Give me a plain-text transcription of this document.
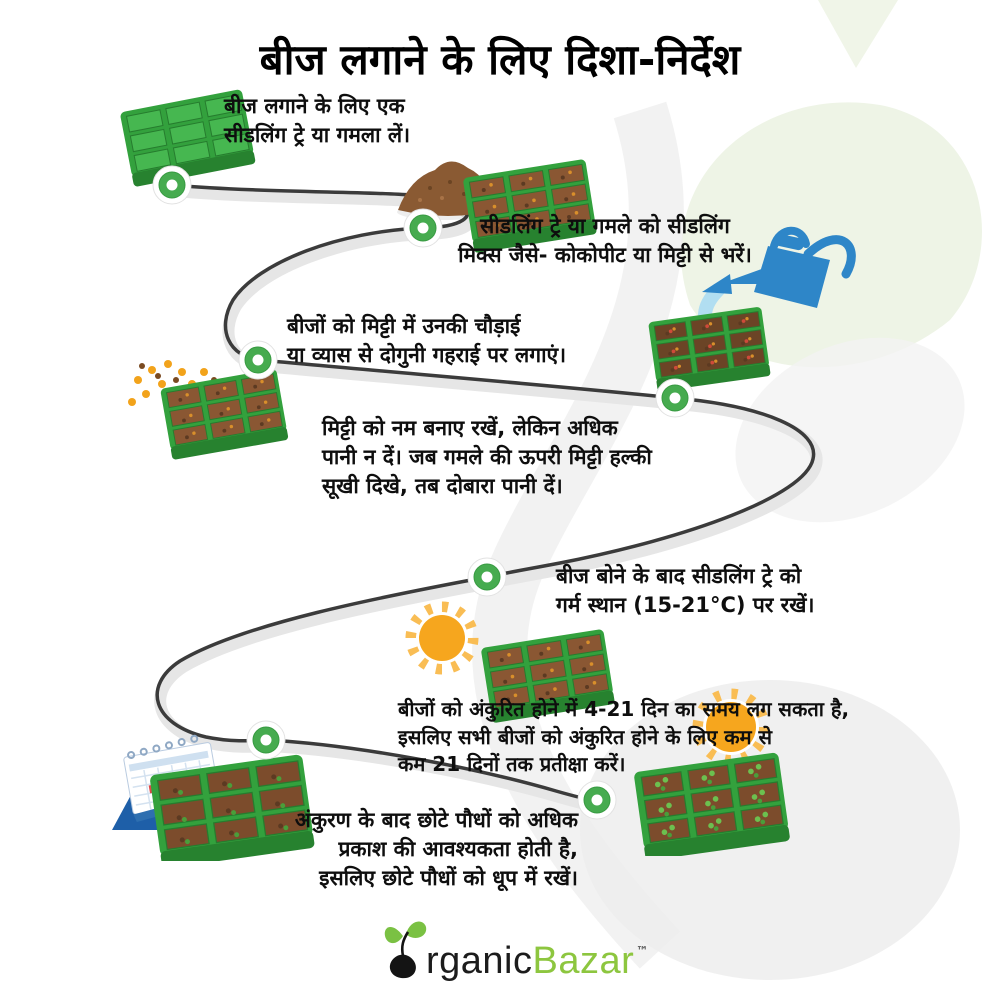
बीज लगाने के लिए दिशा-निर्देश
बीज लगाने के लिए एक
सीडलिंग ट्रे या गमला लें।
सीडलिंग ट्रे या गमले को सीडलिंग
मिक्स जैसे- कोकोपीट या मिट्टी से भरें।
बीजों को मिट्टी में उनकी चौड़ाई
या व्यास से दोगुनी गहराई पर लगाएं।
मिट्टी को नम बनाए रखें, लेकिन अधिक
पानी न दें। जब गमले की ऊपरी मिट्टी हल्की
सूखी दिखे, तब दोबारा पानी दें।
बीज बोने के बाद सीडलिंग ट्रे को
गर्म स्थान (15-21°C) पर रखें।
बीजों को अंकुरित होने में 4-21 दिन का समय लग सकता है,
इसलिए सभी बीजों को अंकुरित होने के लिए कम से
कम 21 दिनों तक प्रतीक्षा करें।
अंकुरण के बाद छोटे पौधों को अधिक
प्रकाश की आवश्यकता होती है,
इसलिए छोटे पौधों को धूप में रखें।
rganic Bazar ™
